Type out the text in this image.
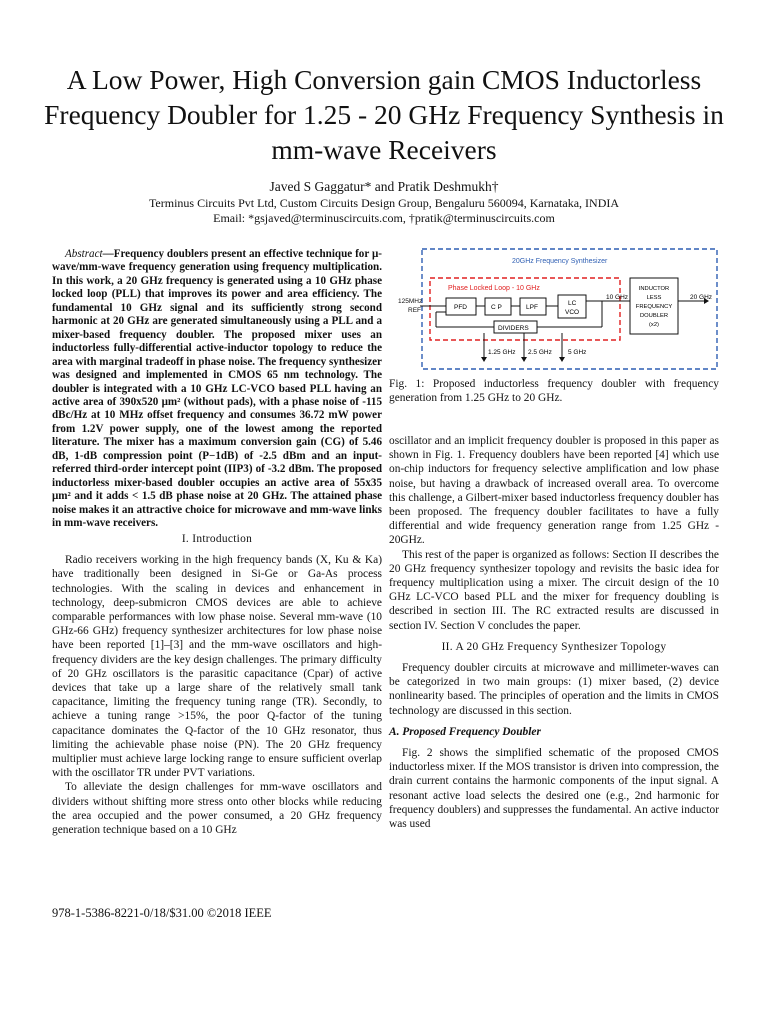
A Low Power, High Conversion gain CMOS Inductorless Frequency Doubler for 1.25 - 20 GHz Frequency Synthesis in mm-wave Receivers
Javed S Gaggatur* and Pratik Deshmukh†
Terminus Circuits Pvt Ltd, Custom Circuits Design Group, Bengaluru 560094, Karnataka, INDIA
Email: *gsjaved@terminuscircuits.com, †pratik@terminuscircuits.com
Abstract—Frequency doublers present an effective technique for μ-wave/mm-wave frequency generation using frequency multiplication. In this work, a 20 GHz frequency is generated using a 10 GHz phase locked loop (PLL) that improves its power and area efficiency. The fundamental 10 GHz signal and its sufficiently strong second harmonic at 20 GHz are generated simultaneously using a PLL and a mixer-based frequency doubler. The proposed mixer uses an inductorless fully-differential active-inductor topology to reduce the area with marginal tradeoff in phase noise. The frequency synthesizer was designed and implemented in CMOS 65 nm technology. The doubler is integrated with a 10 GHz LC-VCO based PLL having an active area of 390x520 μm² (without pads), with a phase noise of -115 dBc/Hz at 10 MHz offset frequency and consumes 36.72 mW power from 1.2V power supply, one of the lowest among the reported literature. The mixer has a maximum conversion gain (CG) of 5.46 dB, 1-dB compression point (P−1dB) of -2.5 dBm and an input-referred third-order intercept point (IIP3) of -3.2 dBm. The proposed inductorless mixer-based doubler occupies an active area of 55x35 μm² and it adds < 1.5 dB phase noise at 20 GHz. The attained phase noise makes it an attractive choice for microwave and mm-wave links in mm-wave receivers.
I. Introduction

Radio receivers working in the high frequency bands (X, Ku & Ka) have traditionally been designed in Si-Ge or Ga-As process technologies. With the scaling in devices and enhancement in technology, deep-submicron CMOS devices are able to achieve comparable performances with low phase noise. Several mm-wave (10 GHz-66 GHz) frequency synthesizer architectures for low phase noise have been reported [1]–[3] and the mm-wave oscillators and high-frequency dividers are the key design challenges. The primary difficulty of 20 GHz oscillators is the parasitic capacitance (Cpar) of active devices that take up a large share of the relatively small tank capacitance, limiting the frequency tuning range (TR). Secondly, to achieve a tuning range >15%, the poor Q-factor of the tuning capacitance dominates the Q-factor of the 10 GHz resonator, thus limiting the achievable phase noise (PN). The 20 GHz frequency multiplier must achieve large locking range to ensure sufficient overlap with the oscillator TR under PVT variations.

To alleviate the design challenges for mm-wave oscillators and dividers without shifting more stress onto other blocks while reducing the area occupied and the power consumed, a 20 GHz frequency generation technique based on a 10 GHz

20GHz Frequency Synthesizer
Phase Locked Loop - 10 GHz
125MHz
REF	PFD	C P	LPF
LC
VCO
10 GHz
DIVIDERS
INDUCTOR
LESS
FREQUENCY
DOUBLER
(x2)
20 GHz
1.25 GHz 2.5 GHz 5 GHz
Fig. 1: Proposed inductorless frequency doubler with frequency generation from 1.25 GHz to 20 GHz.

oscillator and an implicit frequency doubler is proposed in this paper as shown in Fig. 1. Frequency doublers have been reported [4] which use on-chip inductors for frequency selective amplification and low phase noise, but having a drawback of increased overall area. To overcome this challenge, a Gilbert-mixer based inductorless frequency doubler has been proposed. The frequency doubler facilitates to have a fully differential and wide frequency generation range from 1.25 GHz - 20GHz.

This rest of the paper is organized as follows: Section II describes the 20 GHz frequency synthesizer topology and revisits the basic idea for frequency multiplication using a mixer. The circuit design of the 10 GHz LC-VCO based PLL and the mixer for frequency doubling is described in section III. The RC extracted results are discussed in section IV. Section V concludes the paper.

II. A 20 GHz Frequency Synthesizer Topology

Frequency doubler circuits at microwave and millimeter-waves can be categorized in two main groups: (1) mixer based, (2) device nonlinearity based. The principles of operation and the limits in CMOS technology are discussed in this section.

A. Proposed Frequency Doubler

Fig. 2 shows the simplified schematic of the proposed CMOS inductorless mixer. If the MOS transistor is driven into compression, the drain current contains the harmonic components of the input signal. A resonant active load selects the desired one (e.g., 2nd harmonic for frequency doublers) and suppresses the fundamental. An active inductor was used

978-1-5386-8221-0/18/$31.00 ©2018 IEEE
